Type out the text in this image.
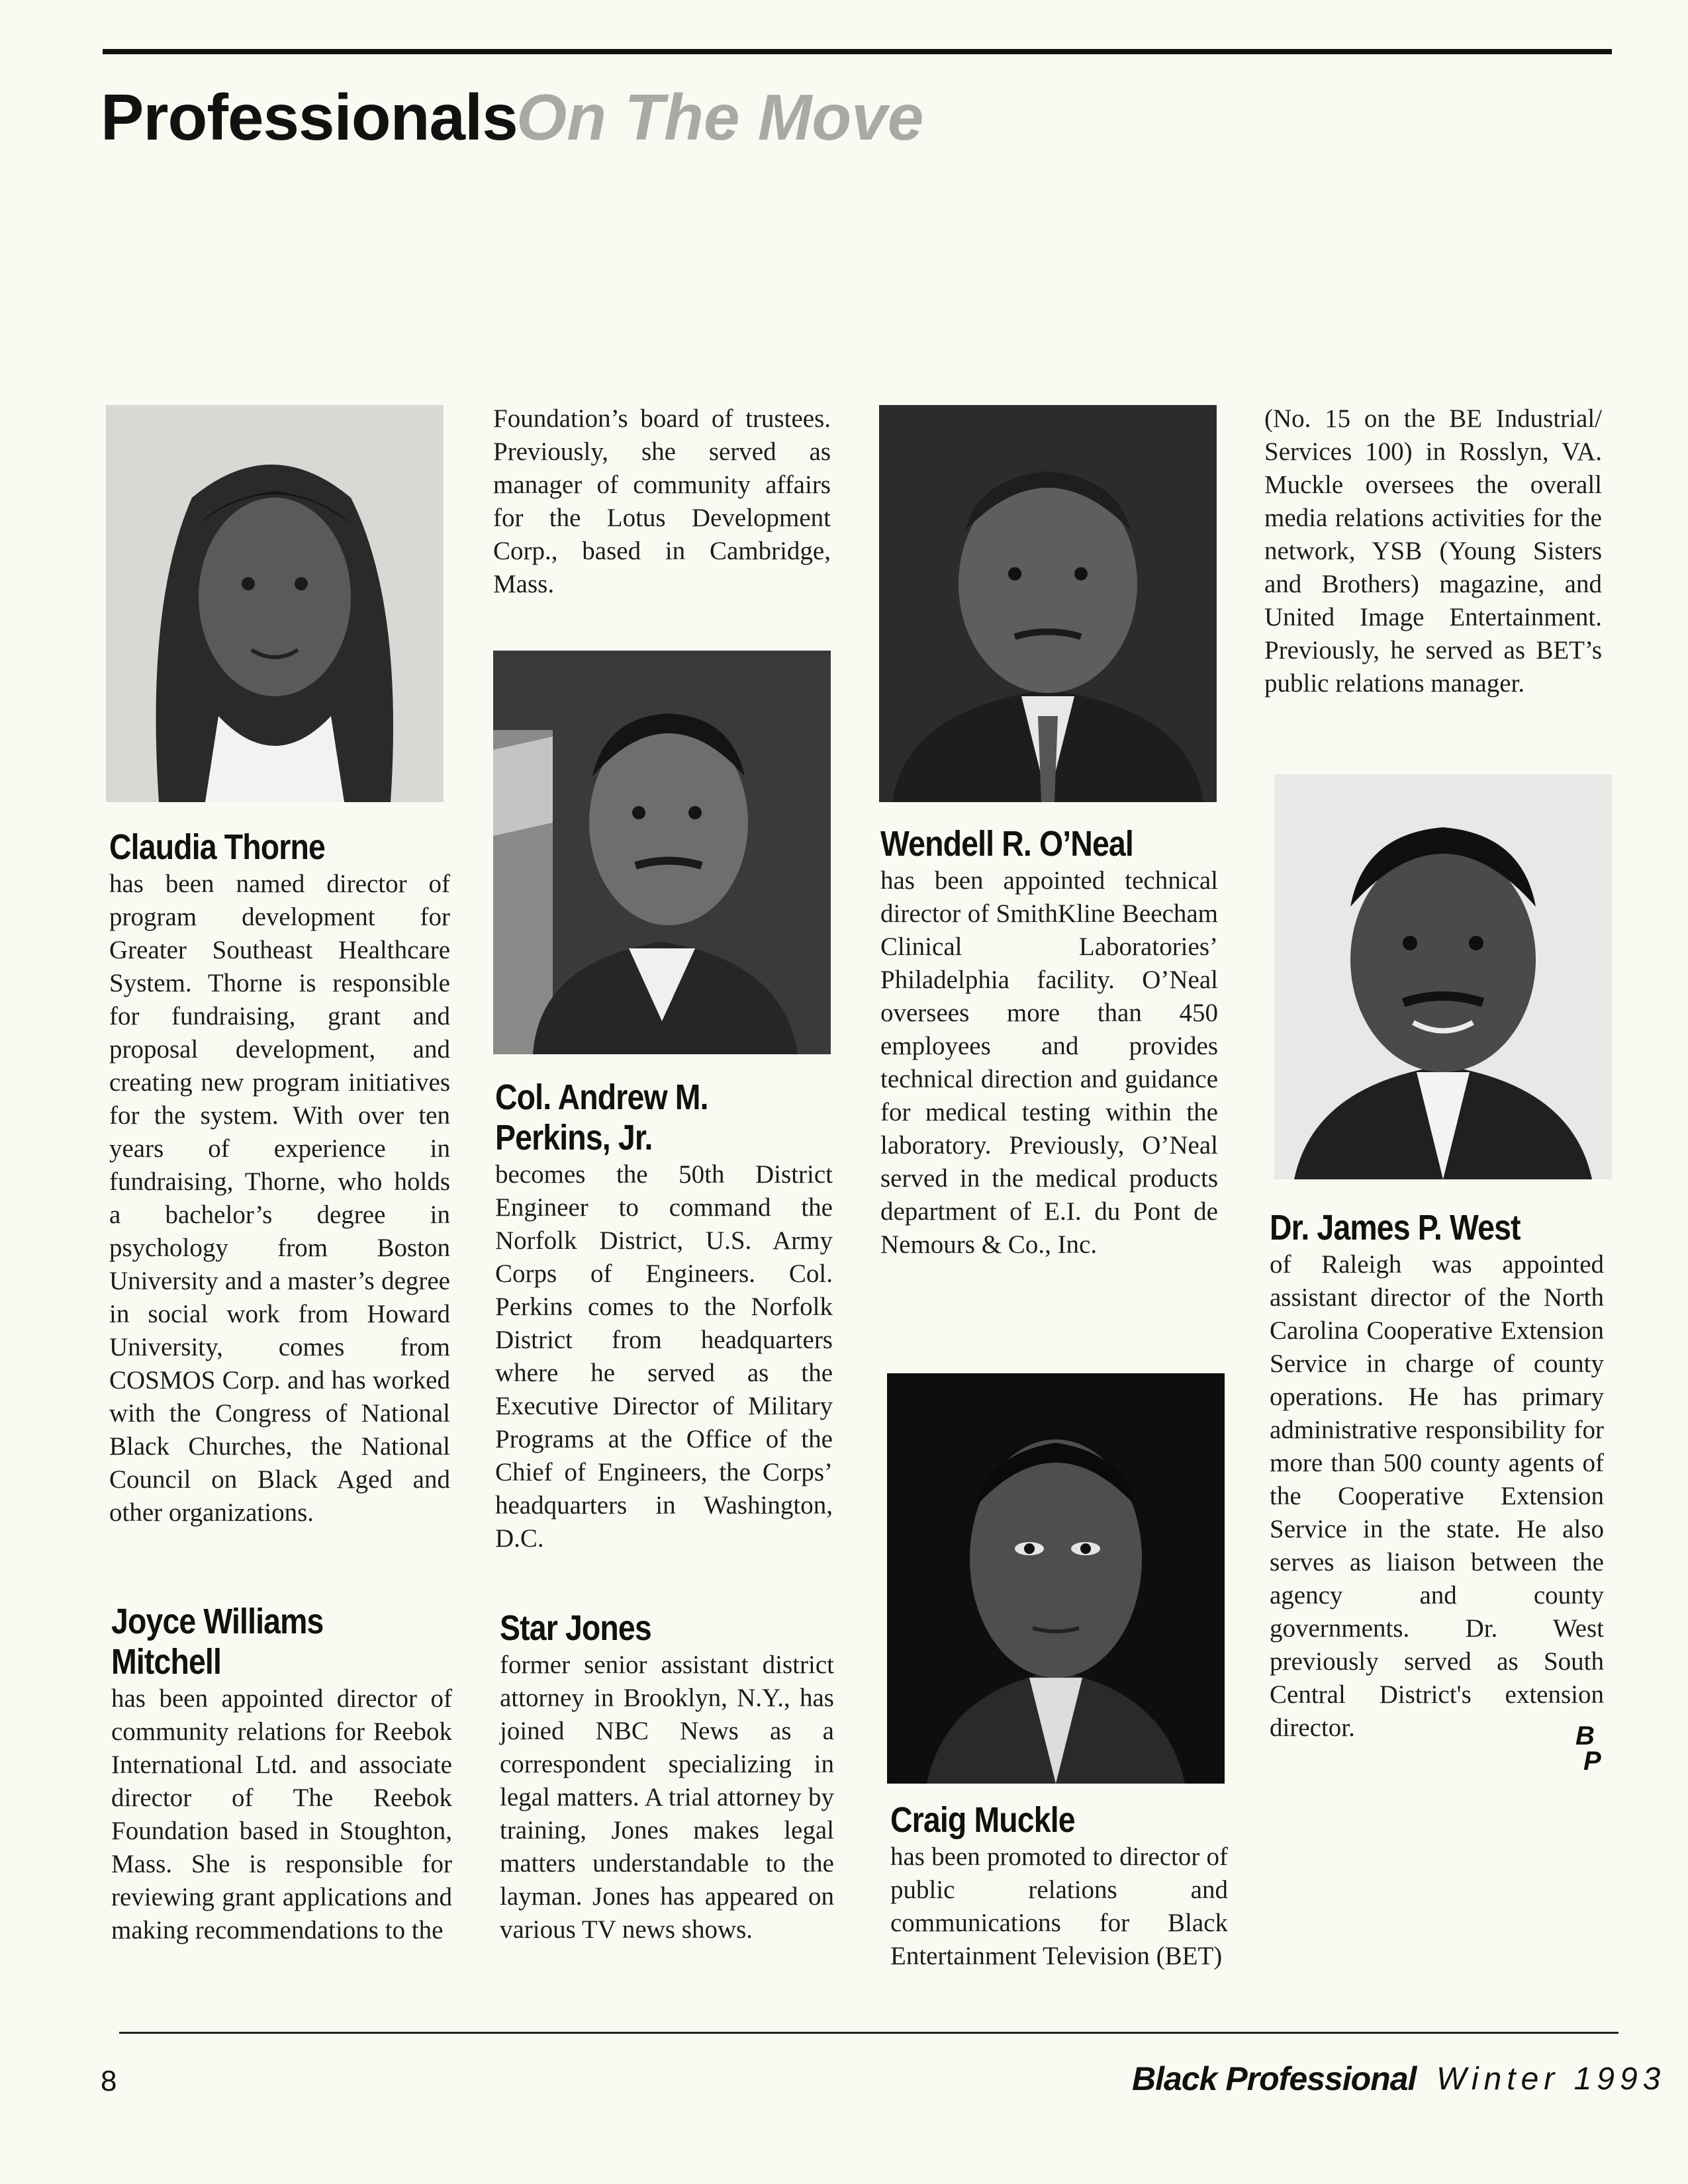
Professionals
On The Move
Claudia Thorne

has been named director of program development for Greater Southeast Healthcare System. Thorne is responsible for fundraising, grant and proposal development, and creating new program initiatives for the system. With over ten years of experience in fundraising, Thorne, who holds a bachelor’s degree in psychology from Boston University and a master’s degree in social work from Howard University, comes from COSMOS Corp. and has worked with the Congress of National Black Churches, the National Council on Black Aged and other organizations.

Joyce Williams
Mitchell

has been appointed director of community relations for Reebok International Ltd. and associate director of The Reebok Foundation based in Stoughton, Mass. She is responsible for reviewing grant applications and making recommendations to the

Foundation’s board of trustees. Previously, she served as manager of community affairs for the Lotus Development Corp., based in Cambridge, Mass.

Col. Andrew M.
Perkins, Jr.

becomes the 50th District Engineer to command the Norfolk District, U.S. Army Corps of Engineers. Col. Perkins comes to the Norfolk District from headquarters where he served as the Executive Director of Military Programs at the Office of the Chief of Engineers, the Corps’ headquarters in Washington, D.C.

Star Jones

former senior assistant district attorney in Brooklyn, N.Y., has joined NBC News as a correspondent specializing in legal matters. A trial attorney by training, Jones makes legal matters understandable to the layman. Jones has appeared on various TV news shows.

Wendell R. O’Neal

has been appointed technical director of SmithKline Beecham Clinical Laboratories’ Philadelphia facility. O’Neal oversees more than 450 employees and provides technical direction and guidance for medical testing within the laboratory. Previously, O’Neal served in the medical products department of E.I. du Pont de Nemours & Co., Inc.

Craig Muckle

has been promoted to director of public relations and communications for Black Entertainment Television (BET)

(No. 15 on the BE Industrial/ Services 100) in Rosslyn, VA. Muckle oversees the overall media relations activities for the network, YSB (Young Sisters and Brothers) magazine, and United Image Entertainment. Previously, he served as BET’s public relations manager.

Dr. James P. West

of Raleigh was appointed assistant director of the North Carolina Cooperative Extension Service in charge of county operations. He has primary administrative responsibility for more than 500 county agents of the Cooperative Extension Service in the state. He also serves as liaison between the agency and county governments. Dr. West previously served as South Central District's extension director.	B
P
8	Black Professional Winter 1993
